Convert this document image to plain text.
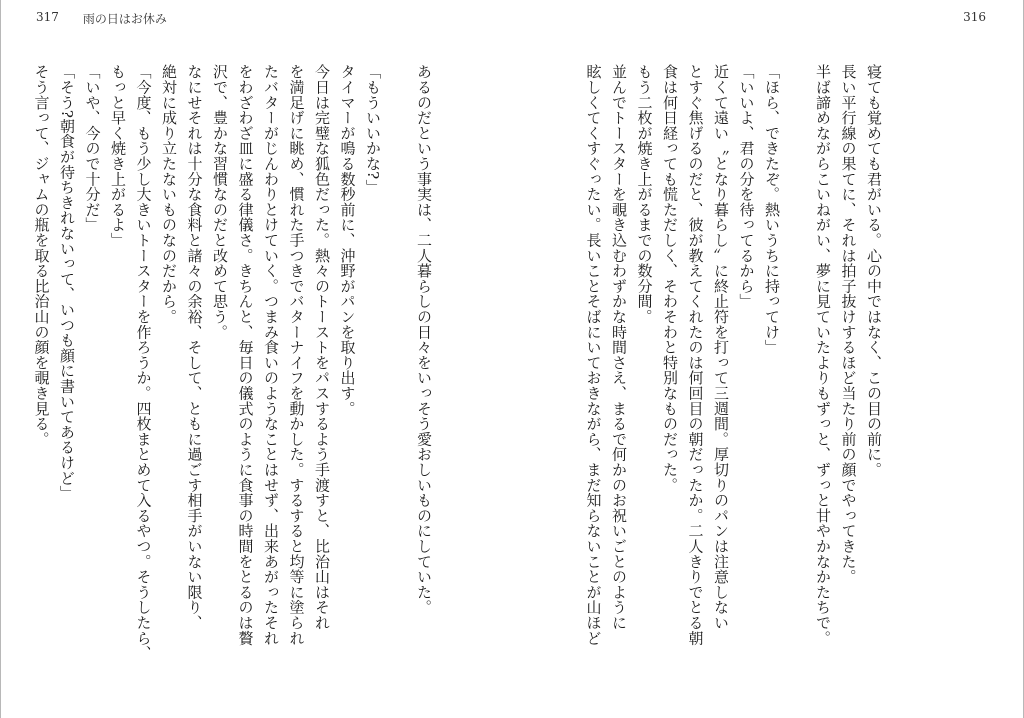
317 雨の日はお休み	316

寝ても覚めても君がいる。心の中ではなく、この目の前に。

長い平行線の果てに、それは拍子抜けするほど当たり前の顔でやってきた。

半ば諦めながらこいねがい、夢に見ていたよりもずっと、ずっと甘やかなかたちで。

「ほら、できたぞ。熱いうちに持ってけ」

「いいよ、君の分を待ってるから」

近くて遠い〝となり暮らし〟に終止符を打って三週間。厚切りのパンは注意しない

とすぐ焦げるのだと、彼が教えてくれたのは何回目の朝だったか。二人きりでとる朝

食は何日経っても慌ただしく、そわそわと特別なものだった。

もう二枚が焼き上がるまでの数分間。

並んでトースターを覗き込むわずかな時間さえ、まるで何かのお祝いごとのように

眩しくてくすぐったい。長いことそばにいておきながら、まだ知らないことが山ほど

あるのだという事実は、二人暮らしの日々をいっそう愛おしいものにしていた。

「もういいかな?」

タイマーが鳴る数秒前に、沖野がパンを取り出す。

今日は完璧な狐色だった。熱々のトーストをパスするよう手渡すと、比治山はそれ

を満足げに眺め、慣れた手つきでバターナイフを動かした。するすると均等に塗られ

たバターがじんわりとけていく。つまみ食いのようなことはせず、出来あがったそれ

をわざわざ皿に盛る律儀さ。きちんと、毎日の儀式のように食事の時間をとるのは贅

沢で、豊かな習慣なのだと改めて思う。

なにせそれは十分な食料と諸々の余裕、そして、ともに過ごす相手がいない限り、

絶対に成り立たないものなのだから。

「今度、もう少し大きいトースターを作ろうか。四枚まとめて入るやつ。そうしたら、

もっと早く焼き上がるよ」

「いや、今ので十分だ」

「そう?朝食が待ちきれないって、いつも顔に書いてあるけど」

そう言って、ジャムの瓶を取る比治山の顔を覗き見る。
